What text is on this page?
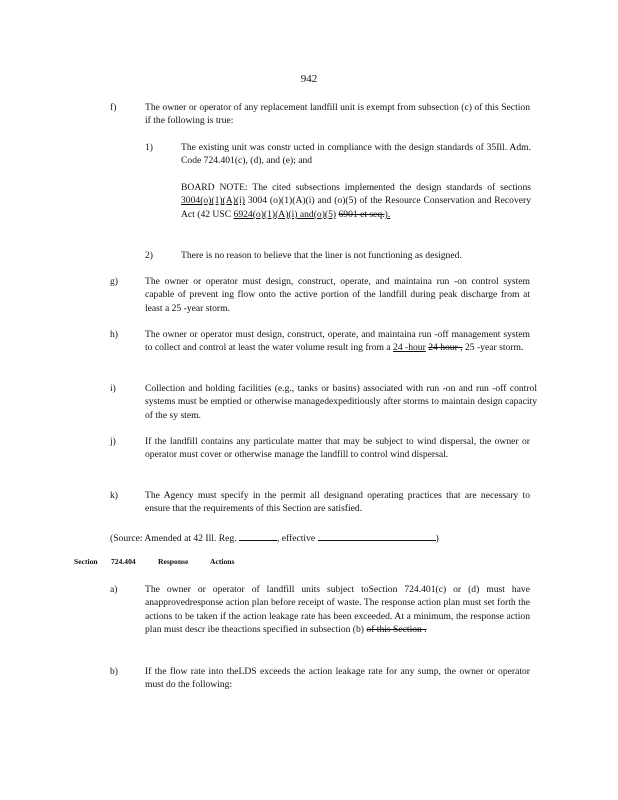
942
f)	The owner or operator of any replacement landfill unit is exempt from subsection (c) of this Section if the following is true:
1)	The existing unit was constr ucted in compliance with the design standards of 35Ill. Adm. Code 724.401(c), (d), and (e); and
BOARD NOTE: The cited subsections implemented the design standards of sections 3004(o)(1)(A)(i) 3004 (o)(1)(A)(i) and (o)(5) of the Resource Conservation and Recovery Act (42 USC 6924(o)(1)(A)(i) and(o)(5) 6901 et seq.).
2)	There is no reason to believe that the liner is not functioning as designed.
g)	The owner or operator must design, construct, operate, and maintaina run -on control system capable of prevent ing flow onto the active portion of the landfill during peak discharge from at least a 25 -year storm.
h)	The owner or operator must design, construct, operate, and maintaina run -off management system to collect and control at least the water volume result ing from a 24 -hour 24 hour , 25 -year storm.
i)	Collection and holding facilities (e.g., tanks or basins) associated with run -on and run -off control systems must be emptied or otherwise managedexpeditiously after storms to maintain design capacity of the sy stem.
j)	If the landfill contains any particulate matter that may be subject to wind dispersal, the owner or operator must cover or otherwise manage the landfill to control wind dispersal.
k)	The Agency must specify in the permit all designand operating practices that are necessary to ensure that the requirements of this Section are satisfied.
(Source: Amended at 42 Ill. Reg.	, effective	)
Section 724.404	Response	Actions
a)	The owner or operator of landfill units subject toSection 724.401(c) or (d) must have anapprovedresponse action plan before receipt of waste. The response action plan must set forth the actions to be taken if the action leakage rate has been exceeded. At a minimum, the response action plan must descr ibe theactions specified in subsection (b) of this Section .
b)	If the flow rate into theLDS exceeds the action leakage rate for any sump, the owner or operator must do the following:
